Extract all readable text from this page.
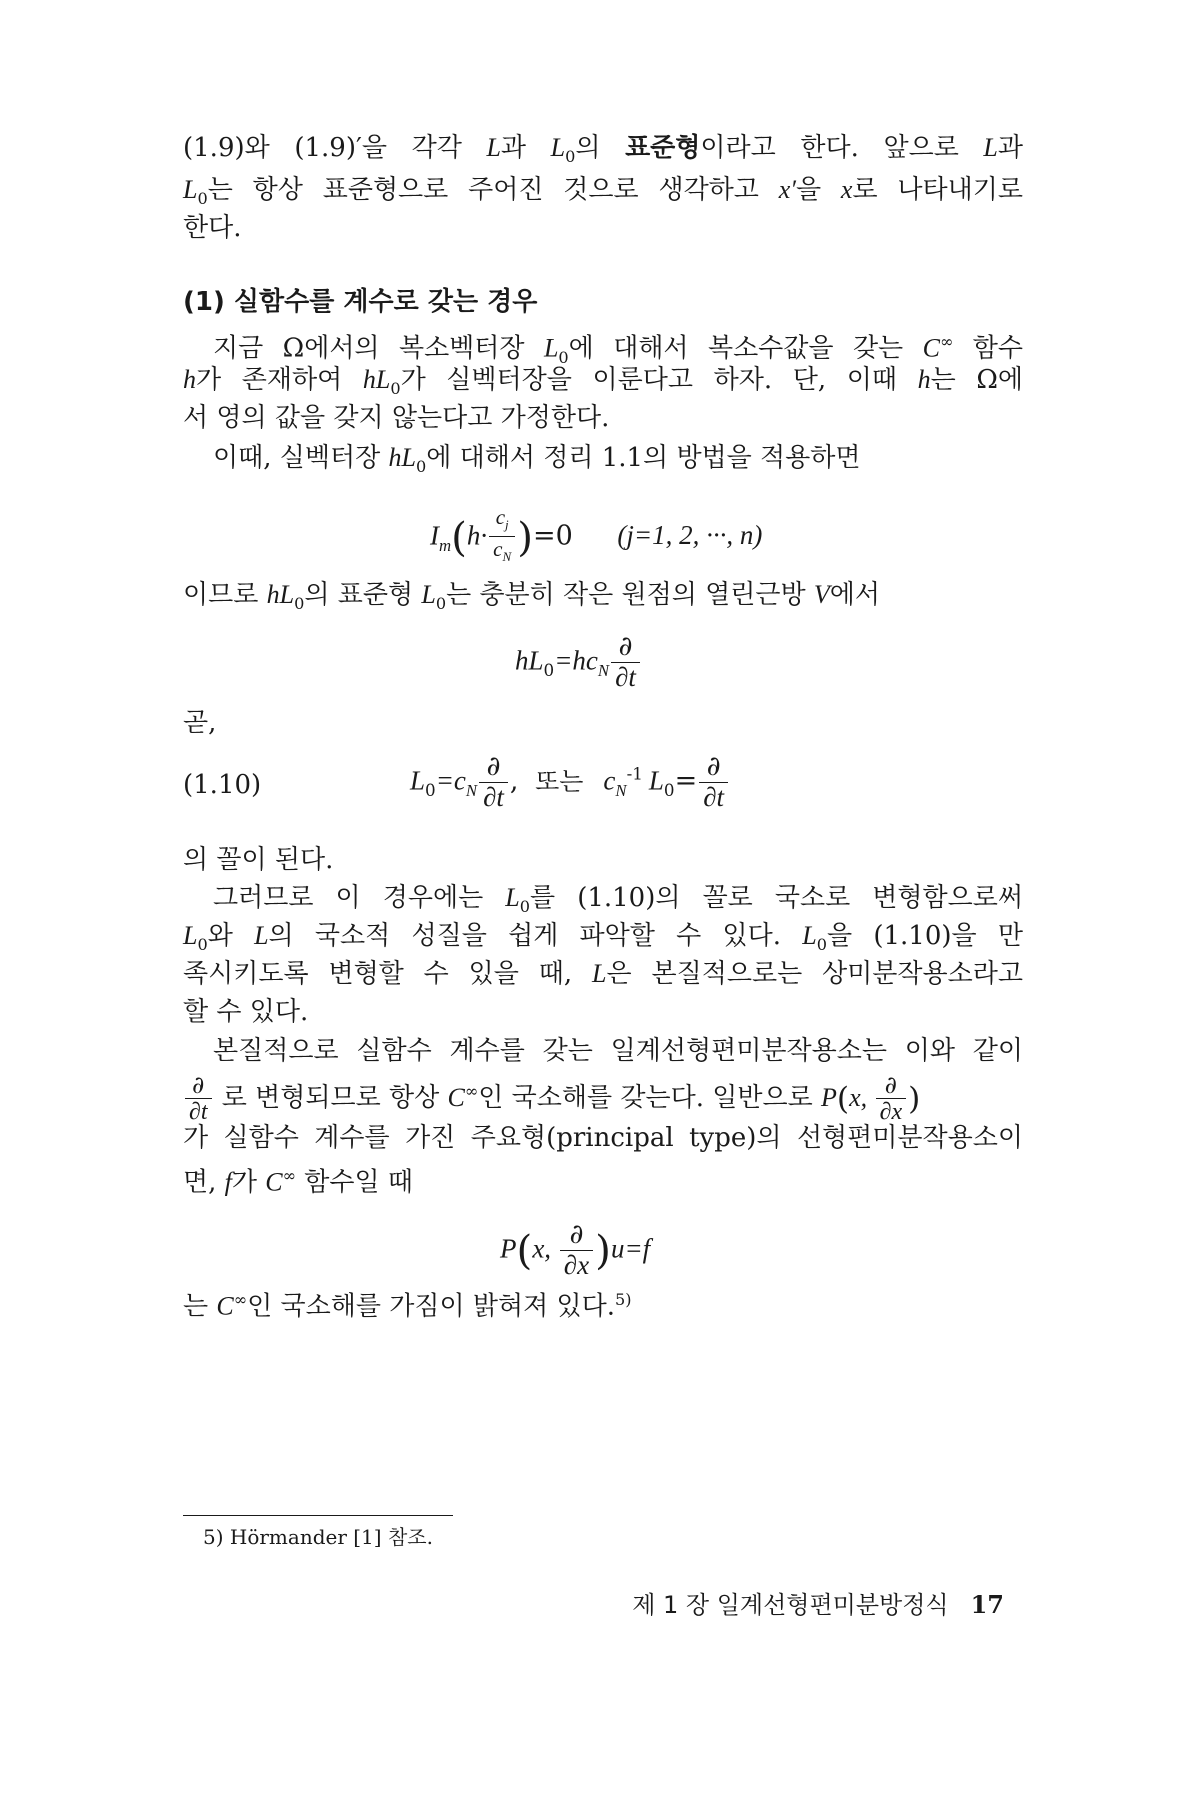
(1.9)와 (1.9)′을 각각 L과 $L_0$의 표준형이라고 한다. 앞으로 L과
$L_0$는 항상 표준형으로 주어진 것으로 생각하고 x′을 x로 나타내기로
한다.
(1) 실함수를 계수로 갖는 경우
지금 Ω에서의 복소벡터장 $L_0$에 대해서 복소수값을 갖는 C∞ 함수
h가 존재하여 $hL_0$가 실벡터장을 이룬다고 하자. 단, 이때 h는 Ω에
서 영의 값을 갖지 않는다고 가정한다.
이때, 실벡터장 $hL_0$에 대해서 정리 1.1의 방법을 적용하면
$I_m(h\cdot \frac{c_j}{c_N} )=0$ (j=1, 2, ···, n)
이므로 $hL_0$의 표준형 $L_0$는 충분히 작은 원점의 열린근방 V에서
$hL_0=hc_N \frac{\partial}{\partial t}$
곧,
(1.10)	$L_0=c_N \frac{\partial}{\partial t}$ , 또는 $c_N^{-1}$ $L_0= \frac{\partial}{\partial t}$
의 꼴이 된다.
그러므로 이 경우에는 $L_0$를 (1.10)의 꼴로 국소로 변형함으로써
$L_0$와 L의 국소적 성질을 쉽게 파악할 수 있다. $L_0$을 (1.10)을 만
족시키도록 변형할 수 있을 때, L은 본질적으로는 상미분작용소라고
할 수 있다.
본질적으로 실함수 계수를 갖는 일계선형편미분작용소는 이와 같이
$\frac{\partial}{\partial t}$ 로 변형되므로 항상 C∞인 국소해를 갖는다. 일반으로 P(x, $\frac{\partial}{\partial x}$ )
가 실함수 계수를 가진 주요형(principal type)의 선형편미분작용소이
면, f가 C∞ 함수일 때
P(x, $\frac{\partial}{\partial x} )u=f$
는 C∞인 국소해를 가짐이 밝혀져 있다.$^{5)}$
5) Hörmander [1] 참조.
제 1 장 일계선형편미분방정식 17
